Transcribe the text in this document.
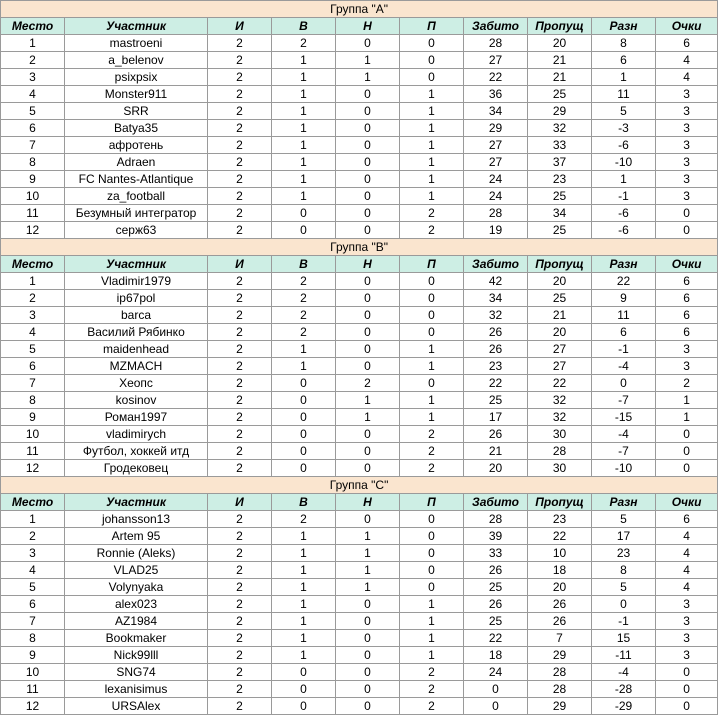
Группа "А"									
Место	Участник	И	В	Н	П	Забито	Пропущ	Разн	Очки
1	mastroeni	2	2	0	0	28	20	8	6
2	a_belenov	2	1	1	0	27	21	6	4
3	psixpsix	2	1	1	0	22	21	1	4
4	Monster911	2	1	0	1	36	25	11	3
5	SRR	2	1	0	1	34	29	5	3
6	Batya35	2	1	0	1	29	32	-3	3
7	афротень	2	1	0	1	27	33	-6	3
8	Adraen	2	1	0	1	27	37	-10	3
9	FC Nantes-Atlantique	2	1	0	1	24	23	1	3
10	za_football	2	1	0	1	24	25	-1	3
11	Безумный интегратор	2	0	0	2	28	34	-6	0
12	серж63	2	0	0	2	19	25	-6	0
Группа "В"									
Место	Участник	И	В	Н	П	Забито	Пропущ	Разн	Очки
1	Vladimir1979	2	2	0	0	42	20	22	6
2	ip67pol	2	2	0	0	34	25	9	6
3	barca	2	2	0	0	32	21	11	6
4	Василий Рябинко	2	2	0	0	26	20	6	6
5	maidenhead	2	1	0	1	26	27	-1	3
6	MZMACH	2	1	0	1	23	27	-4	3
7	Хеопс	2	0	2	0	22	22	0	2
8	kosinov	2	0	1	1	25	32	-7	1
9	Роман1997	2	0	1	1	17	32	-15	1
10	vladimirych	2	0	0	2	26	30	-4	0
11	Футбол, хоккей итд	2	0	0	2	21	28	-7	0
12	Гродековец	2	0	0	2	20	30	-10	0
Группа "С"									
Место	Участник	И	В	Н	П	Забито	Пропущ	Разн	Очки
1	johansson13	2	2	0	0	28	23	5	6
2	Artem 95	2	1	1	0	39	22	17	4
3	Ronnie (Aleks)	2	1	1	0	33	10	23	4
4	VLAD25	2	1	1	0	26	18	8	4
5	Volynyaka	2	1	1	0	25	20	5	4
6	alex023	2	1	0	1	26	26	0	3
7	AZ1984	2	1	0	1	25	26	-1	3
8	Bookmaker	2	1	0	1	22	7	15	3
9	Nick99lll	2	1	0	1	18	29	-11	3
10	SNG74	2	0	0	2	24	28	-4	0
11	lexanisimus	2	0	0	2	0	28	-28	0
12	URSAlex	2	0	0	2	0	29	-29	0
